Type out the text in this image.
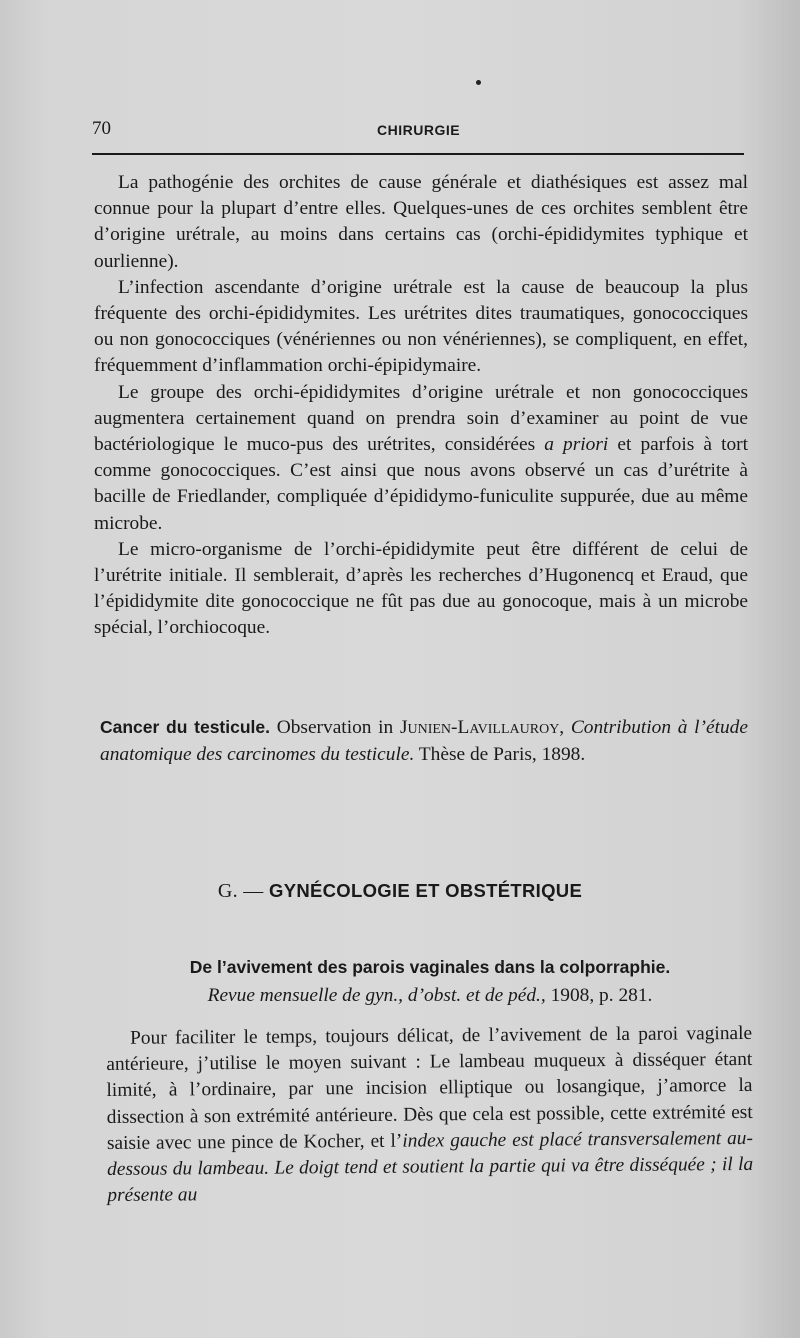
70	CHIRURGIE

La pathogénie des orchites de cause générale et diathésiques est assez mal connue pour la plupart d’entre elles. Quelques-unes de ces orchites semblent être d’origine urétrale, au moins dans certains cas (orchi-épididymites typhique et ourlienne).

L’infection ascendante d’origine urétrale est la cause de beaucoup la plus fréquente des orchi-épididymites. Les urétrites dites traumatiques, gonococciques ou non gonococciques (vénériennes ou non vénériennes), se compliquent, en effet, fréquemment d’inflammation orchi-épipidymaire.

Le groupe des orchi-épididymites d’origine urétrale et non gonococciques augmentera certainement quand on prendra soin d’examiner au point de vue bactériologique le muco-pus des urétrites, considérées a priori et parfois à tort comme gonococciques. C’est ainsi que nous avons observé un cas d’urétrite à bacille de Friedlander, compliquée d’épididymo-funiculite suppurée, due au même microbe.

Le micro-organisme de l’orchi-épididymite peut être différent de celui de l’urétrite initiale. Il semblerait, d’après les recherches d’Hugonencq et Eraud, que l’épididymite dite gonococcique ne fût pas due au gonocoque, mais à un microbe spécial, l’orchiocoque.

Cancer du testicule. Observation in Junien-Lavillauroy, Contribution à l’étude anatomique des carcinomes du testicule. Thèse de Paris, 1898.

G. — GYNÉCOLOGIE ET OBSTÉTRIQUE
De l’avivement des parois vaginales dans la colporraphie.
Revue mensuelle de gyn., d’obst. et de péd., 1908, p. 281.

Pour faciliter le temps, toujours délicat, de l’avivement de la paroi vaginale antérieure, j’utilise le moyen suivant : Le lambeau muqueux à disséquer étant limité, à l’ordinaire, par une incision elliptique ou losangique, j’amorce la dissection à son extrémité antérieure. Dès que cela est possible, cette extrémité est saisie avec une pince de Kocher, et l’index gauche est placé transversalement au-dessous du lambeau. Le doigt tend et soutient la partie qui va être disséquée ; il la présente au
